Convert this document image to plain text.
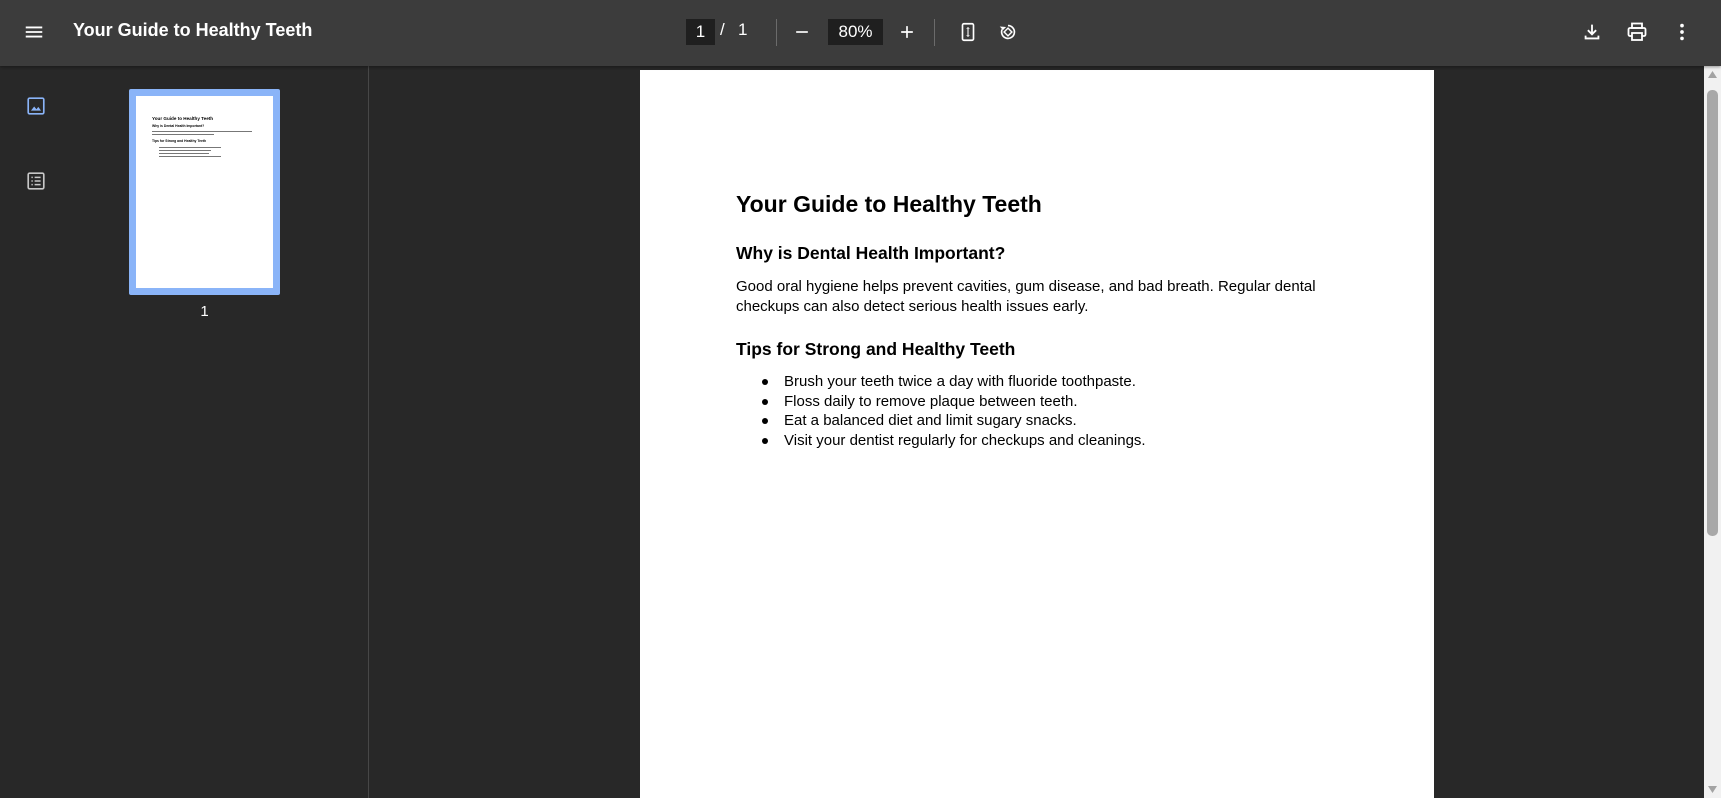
Your Guide to Healthy Teeth
1	/ 1
80%
Your Guide to Healthy Teeth
Why is Dental Health Important?
Tips for Strong and Healthy Teeth
1
Your Guide to Healthy Teeth
Why is Dental Health Important?

Good oral hygiene helps prevent cavities, gum disease, and bad breath. Regular dental checkups can also detect serious health issues early.

Tips for Strong and Healthy Teeth
Brush your teeth twice a day with fluoride toothpaste.
Floss daily to remove plaque between teeth.
Eat a balanced diet and limit sugary snacks.
Visit your dentist regularly for checkups and cleanings.
